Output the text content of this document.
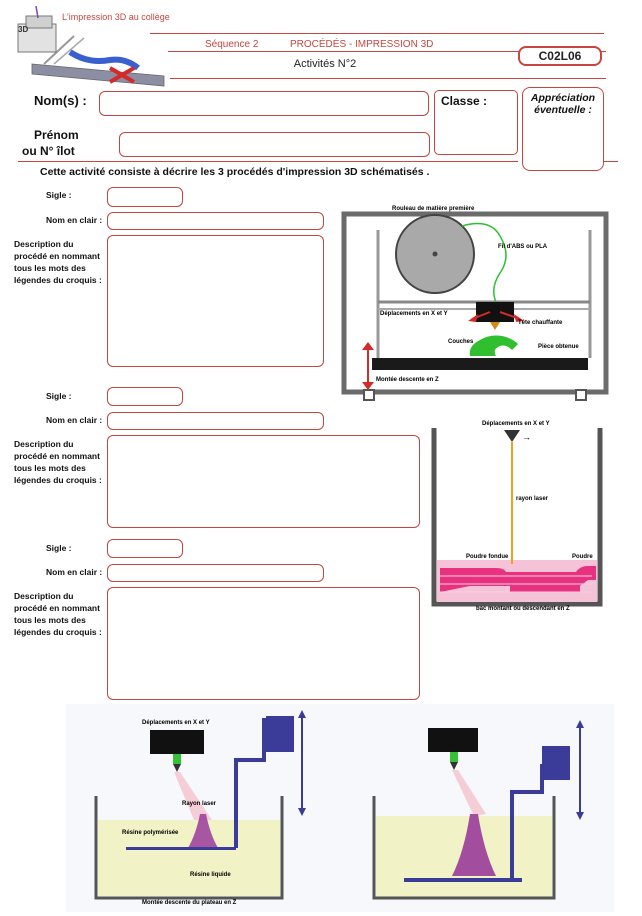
3D
L'impression 3D au collège
Séquence 2	PROCÉDÉS - IMPRESSION 3D
Activités N°2
C02L06
Nom(s) :
Prénom
ou N° îlot
Classe :	Appréciation
éventuelle :
Cette activité consiste à décrire les 3 procédés d'impression 3D schématisés .
Sigle :
Nom en clair :
Description du procédé en nommant tous les mots des légendes du croquis :
Sigle :
Nom en clair :
Description du procédé en nommant tous les mots des légendes du croquis :
Sigle :
Nom en clair :
Description du procédé en nommant tous les mots des légendes du croquis :
Rouleau de matière première
Fil d'ABS ou PLA
Déplacements en X et Y
Tête chauffante
Couches
Pièce obtenue
Montée descente en Z
→
Déplacements en X et Y
rayon laser
Poudre fondue	Poudre
bac montant ou descendant en Z
Déplacements en X et Y
Rayon laser
Résine polymérisée
Résine liquide
Montée descente du plateau en Z
